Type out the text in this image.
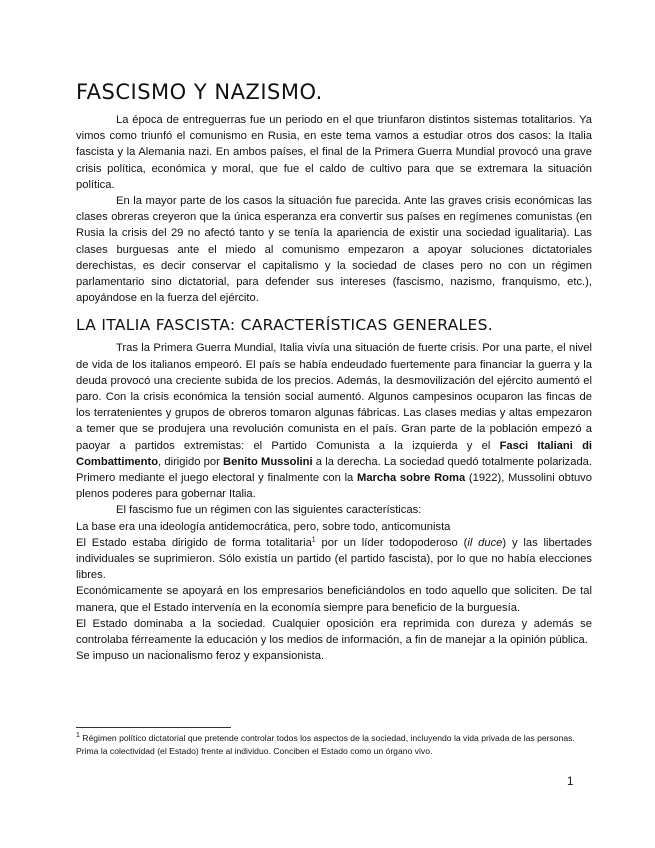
FASCISMO Y NAZISMO.

La época de entreguerras fue un periodo en el que triunfaron distintos sistemas totalitarios. Ya vimos como triunfó el comunismo en Rusia, en este tema vamos a estudiar otros dos casos: la Italia fascista y la Alemania nazi. En ambos países, el final de la Primera Guerra Mundial provocó una grave crisis política, económica y moral, que fue el caldo de cultivo para que se extremara la situación política.

En la mayor parte de los casos la situación fue parecida. Ante las graves crisis económicas las clases obreras creyeron que la única esperanza era convertir sus países en regímenes comunistas (en Rusia la crisis del 29 no afectó tanto y se tenía la apariencia de existir una sociedad igualitaria). Las clases burguesas ante el miedo al comunismo empezaron a apoyar soluciones dictatoriales derechistas, es decir conservar el capitalismo y la sociedad de clases pero no con un régimen parlamentario sino dictatorial, para defender sus intereses (fascismo, nazismo, franquismo, etc.), apoyándose en la fuerza del ejército.

LA ITALIA FASCISTA: CARACTERÍSTICAS GENERALES.

Tras la Primera Guerra Mundial, Italia vivía una situación de fuerte crisis. Por una parte, el nivel de vida de los italianos empeoró. El país se había endeudado fuertemente para financiar la guerra y la deuda provocó una creciente subida de los precios. Además, la desmovilización del ejército aumentó el paro. Con la crisis económica la tensión social aumentó. Algunos campesinos ocuparon las fincas de los terratenientes y grupos de obreros tomaron algunas fábricas. Las clases medias y altas empezaron a temer que se produjera una revolución comunista en el país. Gran parte de la población empezó a paoyar a partidos extremistas: el Partido Comunista a la izquierda y el Fasci Italiani di Combattimento, dirigido por Benito Mussolini a la derecha. La sociedad quedó totalmente polarizada. Primero mediante el juego electoral y finalmente con la Marcha sobre Roma (1922), Mussolini obtuvo plenos poderes para gobernar Italia.

El fascismo fue un régimen con las siguientes características:

La base era una ideología antidemocrática, pero, sobre todo, anticomunista

El Estado estaba dirigido de forma totalitaria$^1$ por un líder todopoderoso (il duce) y las libertades individuales se suprimieron. Sólo existía un partido (el partido fascista), por lo que no había elecciones libres.

Económicamente se apoyará en los empresarios beneficiándolos en todo aquello que soliciten. De tal manera, que el Estado intervenía en la economía siempre para beneficio de la burguesía.

El Estado dominaba a la sociedad. Cualquier oposición era reprimida con dureza y además se controlaba férreamente la educación y los medios de información, a fin de manejar a la opinión pública.

Se impuso un nacionalismo feroz y expansionista.

$^1$ Régimen político dictatorial que pretende controlar todos los aspectos de la sociedad, incluyendo la vida privada de las personas. Prima la colectividad (el Estado) frente al individuo. Conciben el Estado como un órgano vivo.
1
